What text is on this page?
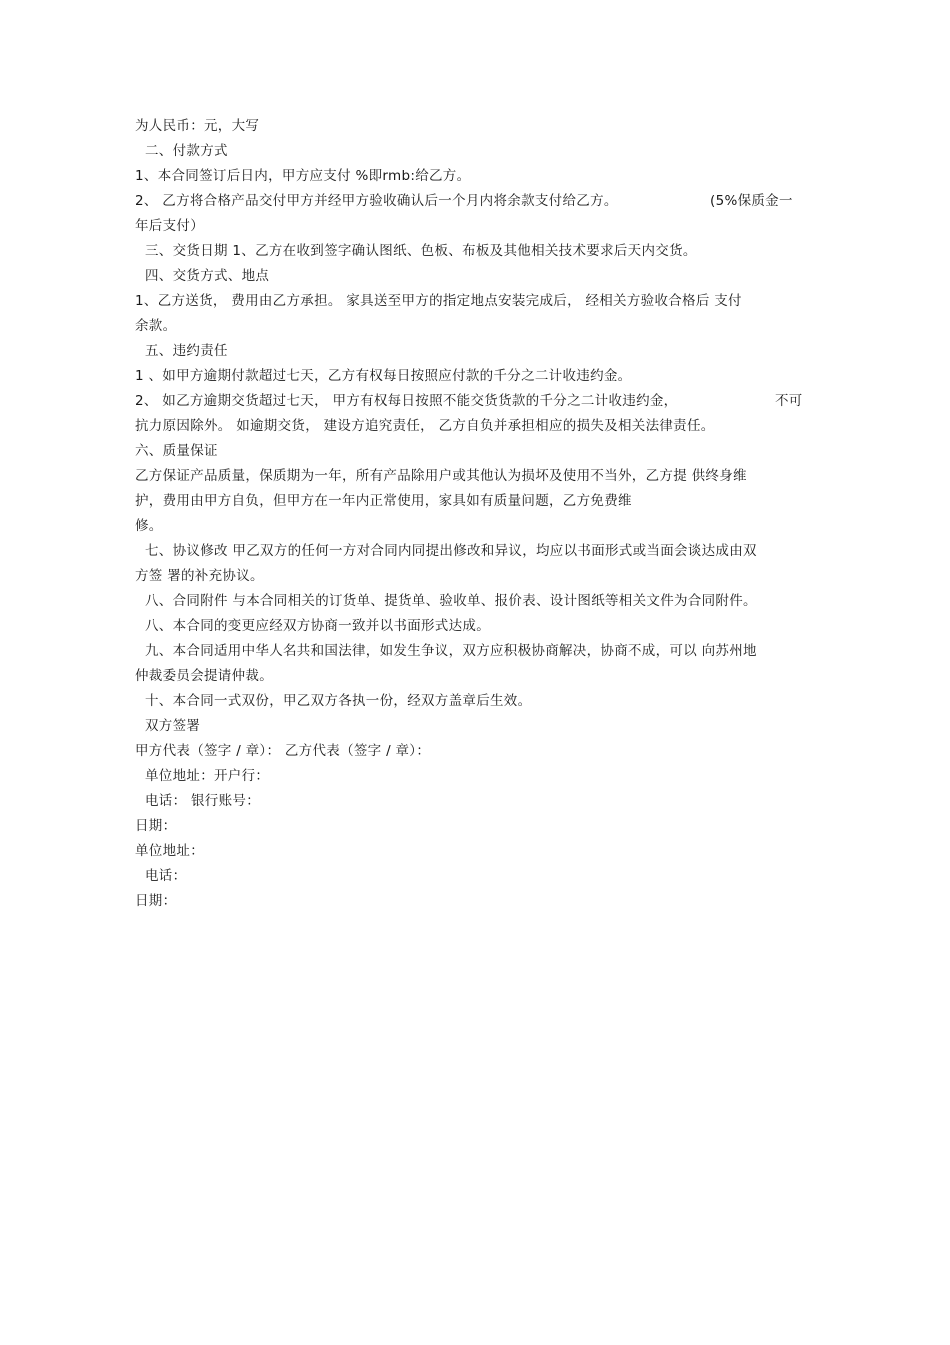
为人民币：元，大写
二、付款方式
1、本合同签订后日内，甲方应支付 %即rmb:给乙方。
2、 乙方将合格产品交付甲方并经甲方验收确认后一个月内将余款支付给乙方。	(5%保质金一
年后支付）
三、交货日期 1、乙方在收到签字确认图纸、色板、布板及其他相关技术要求后天内交货。
四、交货方式、地点
1、乙方送货， 费用由乙方承担。 家具送至甲方的指定地点安装完成后， 经相关方验收合格后 支付
余款。
五、违约责任
1 、如甲方逾期付款超过七天，乙方有权每日按照应付款的千分之二计收违约金。
2、 如乙方逾期交货超过七天， 甲方有权每日按照不能交货货款的千分之二计收违约金，	不可
抗力原因除外。 如逾期交货， 建设方追究责任， 乙方自负并承担相应的损失及相关法律责任。
六、质量保证
乙方保证产品质量，保质期为一年，所有产品除用户或其他认为损坏及使用不当外，乙方提 供终身维
护，费用由甲方自负，但甲方在一年内正常使用，家具如有质量问题，乙方免费维
修。
七、协议修改 甲乙双方的任何一方对合同内同提出修改和异议，均应以书面形式或当面会谈达成由双
方签 署的补充协议。
八、合同附件 与本合同相关的订货单、提货单、验收单、报价表、设计图纸等相关文件为合同附件。
八、本合同的变更应经双方协商一致并以书面形式达成。
九、本合同适用中华人名共和国法律，如发生争议，双方应积极协商解决，协商不成，可以 向苏州地
仲裁委员会提请仲裁。
十、本合同一式双份，甲乙双方各执一份，经双方盖章后生效。
双方签署
甲方代表（签字 / 章）： 乙方代表（签字 / 章）：
单位地址：开户行：
电话： 银行账号：
日期：
单位地址：
电话：
日期：
